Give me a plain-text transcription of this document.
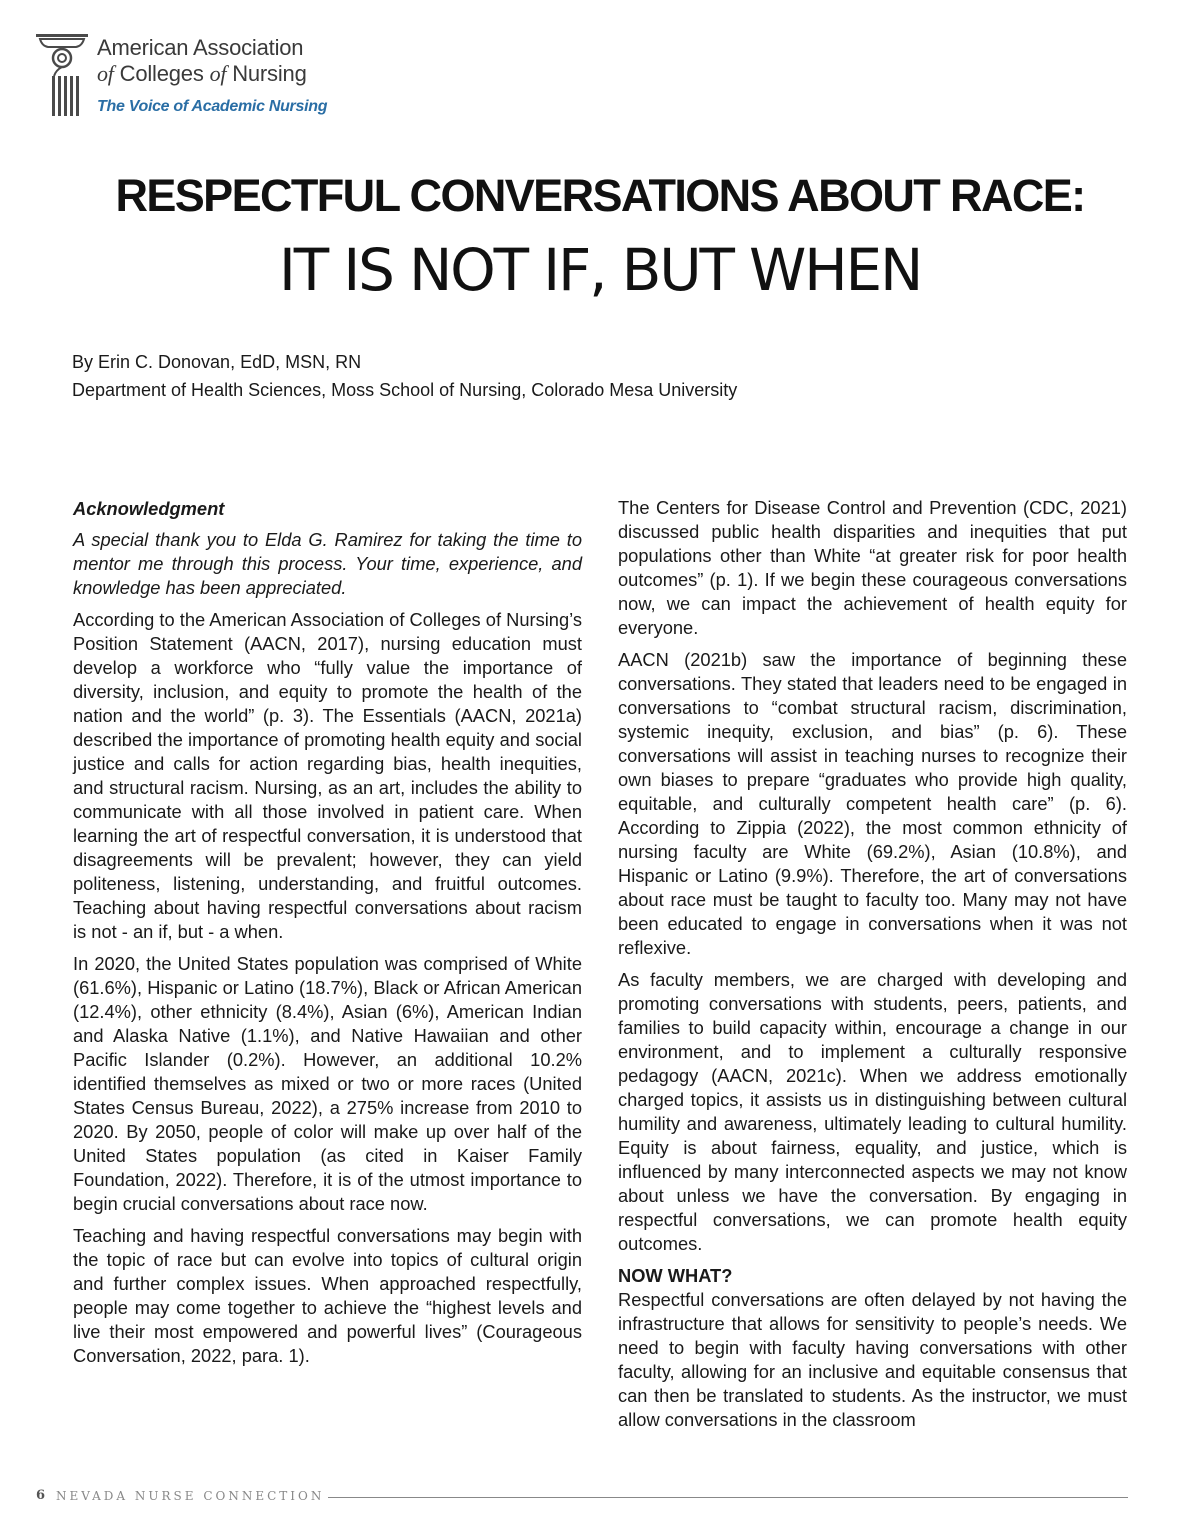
American Association
of Colleges of Nursing
The Voice of Academic Nursing
RESPECTFUL CONVERSATIONS ABOUT RACE:
IT IS NOT IF, BUT WHEN
By Erin C. Donovan, EdD, MSN, RN
Department of Health Sciences, Moss School of Nursing, Colorado Mesa University
Acknowledgment

A special thank you to Elda G. Ramirez for taking the time to mentor me through this process. Your time, experience, and knowledge has been appreciated.

According to the American Association of Colleges of Nursing’s Position Statement (AACN, 2017), nursing education must develop a workforce who “fully value the importance of diversity, inclusion, and equity to promote the health of the nation and the world” (p. 3). The Essentials (AACN, 2021a) described the importance of promoting health equity and social justice and calls for action regarding bias, health inequities, and structural racism. Nursing, as an art, includes the ability to communicate with all those involved in patient care. When learning the art of respectful conversation, it is understood that disagreements will be prevalent; however, they can yield politeness, listening, understanding, and fruitful outcomes. Teaching about having respectful conversations about racism is not - an if, but - a when.

In 2020, the United States population was comprised of White (61.6%), Hispanic or Latino (18.7%), Black or African American (12.4%), other ethnicity (8.4%), Asian (6%), American Indian and Alaska Native (1.1%), and Native Hawaiian and other Pacific Islander (0.2%). However, an additional 10.2% identified themselves as mixed or two or more races (United States Census Bureau, 2022), a 275% increase from 2010 to 2020. By 2050, people of color will make up over half of the United States population (as cited in Kaiser Family Foundation, 2022). Therefore, it is of the utmost importance to begin crucial conversations about race now.

Teaching and having respectful conversations may begin with the topic of race but can evolve into topics of cultural origin and further complex issues. When approached respectfully, people may come together to achieve the “highest levels and live their most empowered and powerful lives” (Courageous Conversation, 2022, para. 1).

The Centers for Disease Control and Prevention (CDC, 2021) discussed public health disparities and inequities that put populations other than White “at greater risk for poor health outcomes” (p. 1). If we begin these courageous conversations now, we can impact the achievement of health equity for everyone.

AACN (2021b) saw the importance of beginning these conversations. They stated that leaders need to be engaged in conversations to “combat structural racism, discrimination, systemic inequity, exclusion, and bias” (p. 6). These conversations will assist in teaching nurses to recognize their own biases to prepare “graduates who provide high quality, equitable, and culturally competent health care” (p. 6). According to Zippia (2022), the most common ethnicity of nursing faculty are White (69.2%), Asian (10.8%), and Hispanic or Latino (9.9%). Therefore, the art of conversations about race must be taught to faculty too. Many may not have been educated to engage in conversations when it was not reflexive.

As faculty members, we are charged with developing and promoting conversations with students, peers, patients, and families to build capacity within, encourage a change in our environment, and to implement a culturally responsive pedagogy (AACN, 2021c). When we address emotionally charged topics, it assists us in distinguishing between cultural humility and awareness, ultimately leading to cultural humility. Equity is about fairness, equality, and justice, which is influenced by many interconnected aspects we may not know about unless we have the conversation. By engaging in respectful conversations, we can promote health equity outcomes.

NOW WHAT?

Respectful conversations are often delayed by not having the infrastructure that allows for sensitivity to people’s needs. We need to begin with faculty having conversations with other faculty, allowing for an inclusive and equitable consensus that can then be translated to students. As the instructor, we must allow conversations in the classroom

6 NEVADA NURSE CONNECTION
